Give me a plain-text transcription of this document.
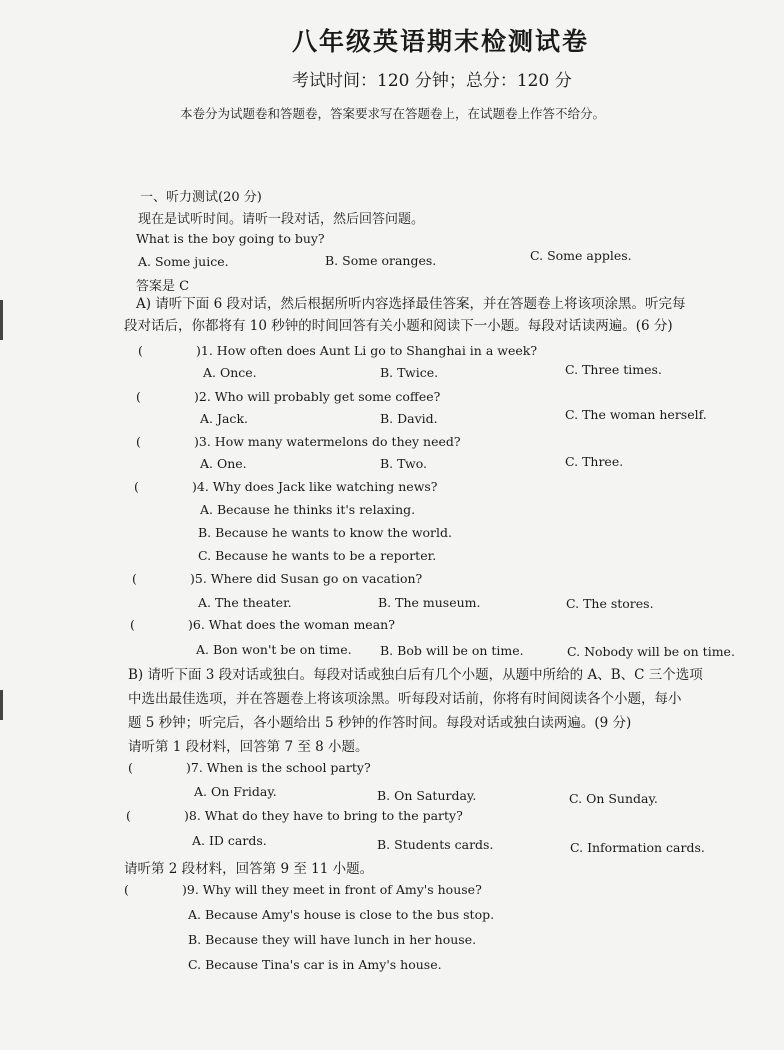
八年级英语期末检测试卷
考试时间：120 分钟；总分：120 分
本卷分为试题卷和答题卷，答案要求写在答题卷上，在试题卷上作答不给分。
一、听力测试(20 分)
现在是试听时间。请听一段对话，然后回答问题。
What is the boy going to buy?
A. Some juice.	B. Some oranges.	C. Some apples.
答案是 C
A) 请听下面 6 段对话，然后根据所听内容选择最佳答案，并在答题卷上将该项涂黑。听完每
段对话后，你都将有 10 秒钟的时间回答有关小题和阅读下一小题。每段对话读两遍。(6 分)
(	)1. How often does Aunt Li go to Shanghai in a week?
A. Once.	B. Twice.	C. Three times.
(	)2. Who will probably get some coffee?
A. Jack.	B. David.	C. The woman herself.
(	)3. How many watermelons do they need?
A. One.	B. Two.	C. Three.
(	)4. Why does Jack like watching news?
A. Because he thinks it's relaxing.
B. Because he wants to know the world.
C. Because he wants to be a reporter.
(	)5. Where did Susan go on vacation?
A. The theater.	B. The museum.	C. The stores.
(	)6. What does the woman mean?
A. Bon won't be on time. B. Bob will be on time.	C. Nobody will be on time.
B) 请听下面 3 段对话或独白。每段对话或独白后有几个小题，从题中所给的 A、B、C 三个选项
中选出最佳选项，并在答题卷上将该项涂黑。听每段对话前，你将有时间阅读各个小题，每小
题 5 秒钟；听完后，各小题给出 5 秒钟的作答时间。每段对话或独白读两遍。(9 分)
请听第 1 段材料，回答第 7 至 8 小题。
(	)7. When is the school party?
A. On Friday.	B. On Saturday.	C. On Sunday.
(	)8. What do they have to bring to the party?
A. ID cards.	B. Students cards.	C. Information cards.
请听第 2 段材料，回答第 9 至 11 小题。
(	)9. Why will they meet in front of Amy's house?
A. Because Amy's house is close to the bus stop.
B. Because they will have lunch in her house.
C. Because Tina's car is in Amy's house.
